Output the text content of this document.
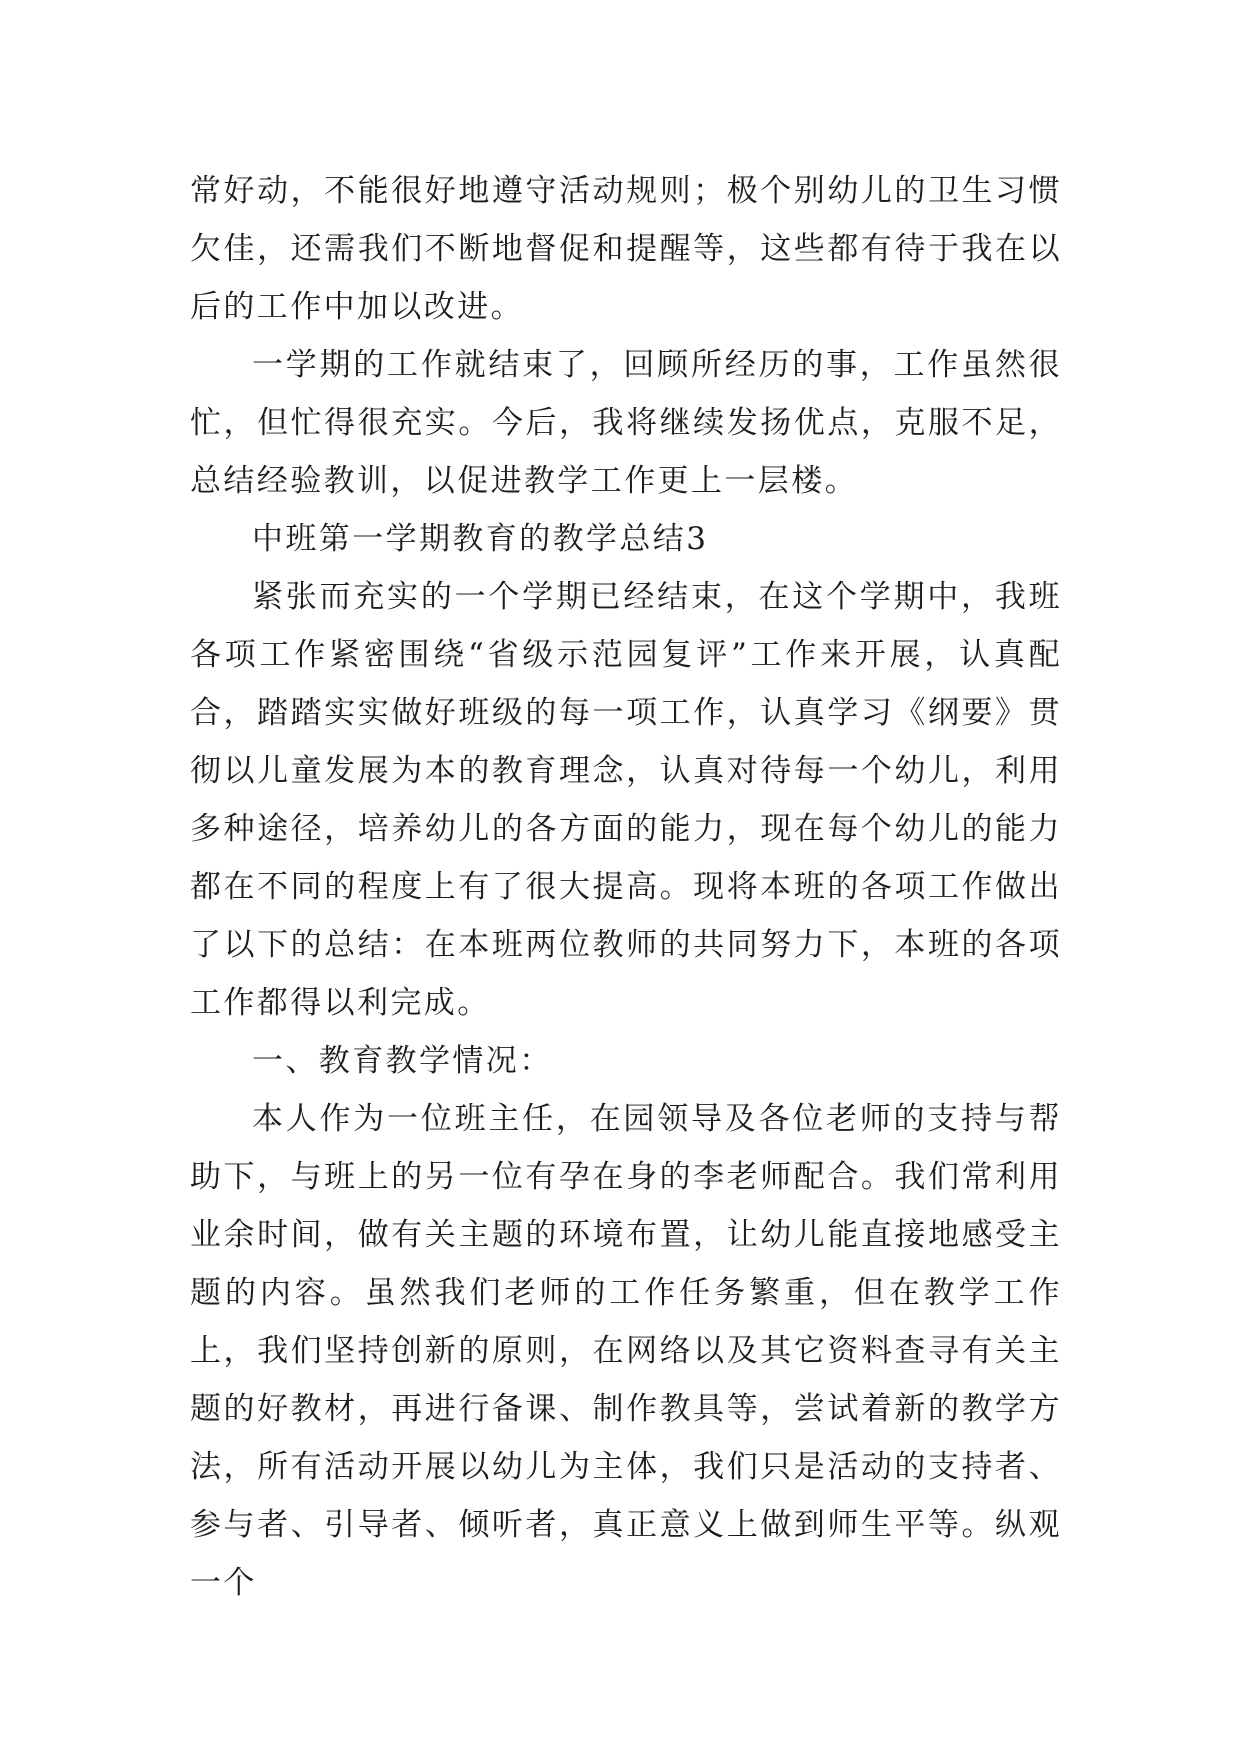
常好动，不能很好地遵守活动规则；极个别幼儿的卫生习惯欠佳，还需我们不断地督促和提醒等，这些都有待于我在以后的工作中加以改进。

一学期的工作就结束了，回顾所经历的事，工作虽然很忙，但忙得很充实。今后，我将继续发扬优点，克服不足，总结经验教训，以促进教学工作更上一层楼。

中班第一学期教育的教学总结3

紧张而充实的一个学期已经结束，在这个学期中，我班各项工作紧密围绕“省级示范园复评”工作来开展，认真配合，踏踏实实做好班级的每一项工作，认真学习《纲要》贯彻以儿童发展为本的教育理念，认真对待每一个幼儿，利用多种途径，培养幼儿的各方面的能力，现在每个幼儿的能力都在不同的程度上有了很大提高。现将本班的各项工作做出了以下的总结：在本班两位教师的共同努力下，本班的各项工作都得以利完成。

一、教育教学情况：

本人作为一位班主任，在园领导及各位老师的支持与帮助下，与班上的另一位有孕在身的李老师配合。我们常利用业余时间，做有关主题的环境布置，让幼儿能直接地感受主题的内容。虽然我们老师的工作任务繁重，但在教学工作上，我们坚持创新的原则，在网络以及其它资料查寻有关主题的好教材，再进行备课、制作教具等，尝试着新的教学方法，所有活动开展以幼儿为主体，我们只是活动的支持者、参与者、引导者、倾听者，真正意义上做到师生平等。纵观一个
